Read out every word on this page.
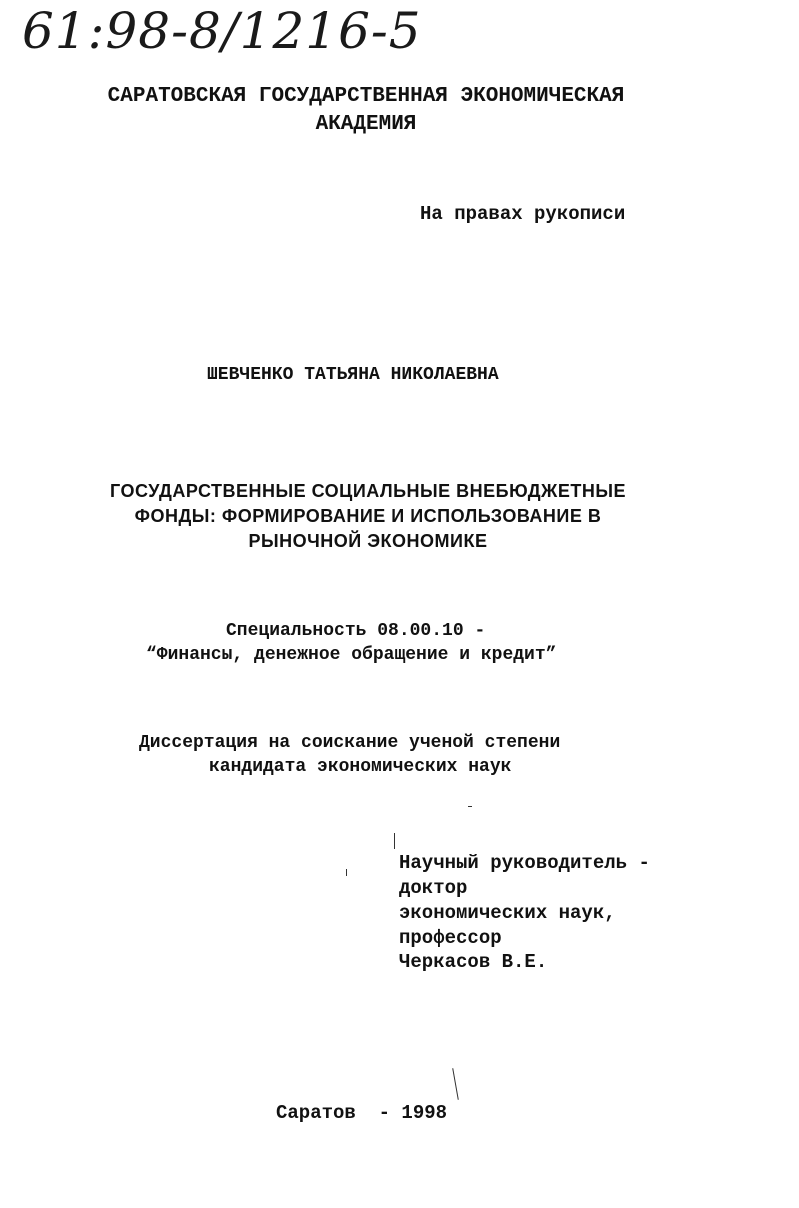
61:98-8/1216-5
САРАТОВСКАЯ ГОСУДАРСТВЕННАЯ ЭКОНОМИЧЕСКАЯ
АКАДЕМИЯ
На правах рукописи
ШЕВЧЕНКО ТАТЬЯНА НИКОЛАЕВНА
ГОСУДАРСТВЕННЫЕ СОЦИАЛЬНЫЕ ВНЕБЮДЖЕТНЫЕ
ФОНДЫ: ФОРМИРОВАНИЕ И ИСПОЛЬЗОВАНИЕ В
РЫНОЧНОЙ ЭКОНОМИКЕ
Специальность 08.00.10 -
“Финансы, денежное обращение и кредит”
Диссертация на соискание ученой степени
кандидата экономических наук
Научный руководитель -
доктор
экономических наук,
профессор
Черкасов В.Е.
Саратов  - 1998
